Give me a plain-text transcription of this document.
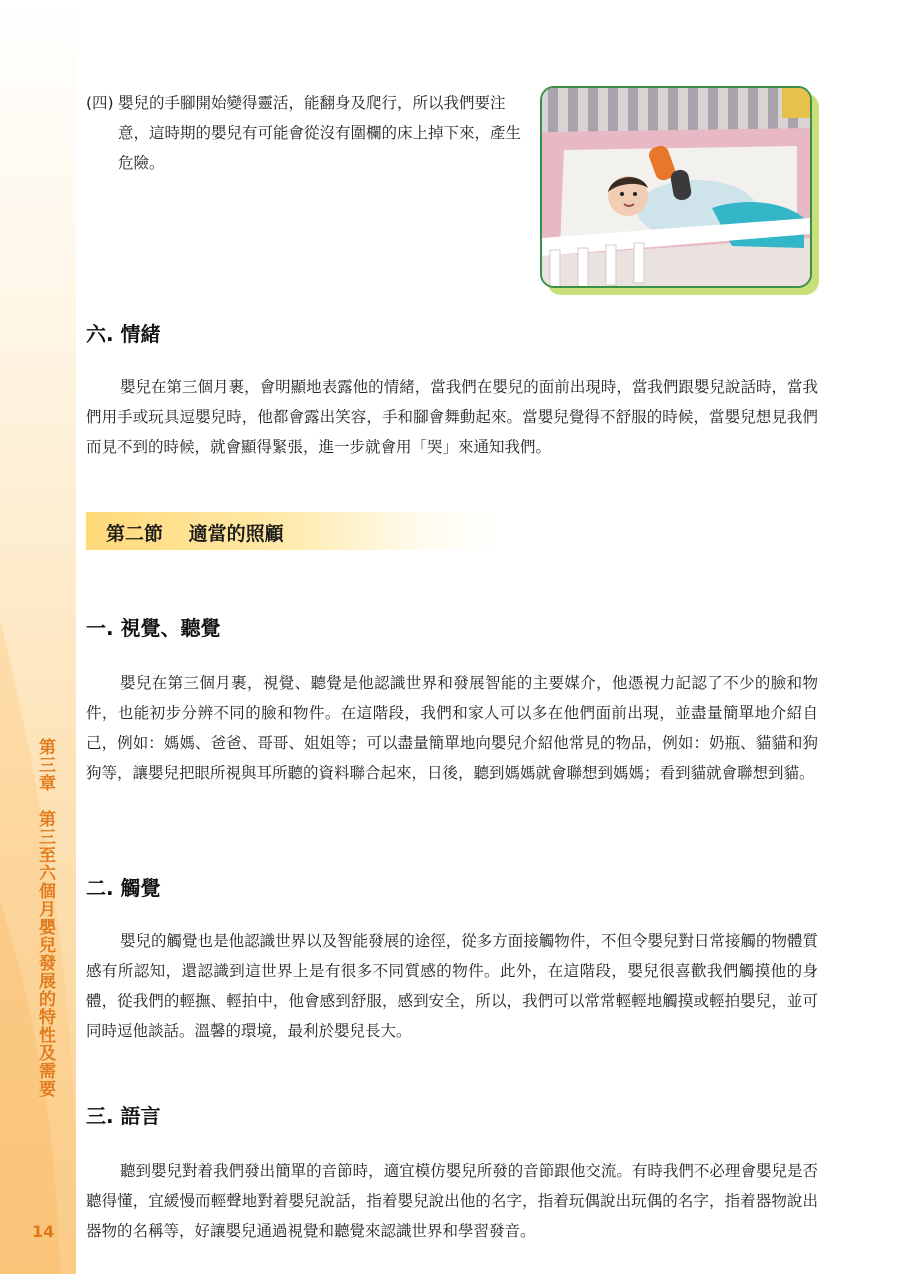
第三章　第三至六個月嬰兒發展的特性及需要
14
(四) 嬰兒的手腳開始變得靈活，能翻身及爬行，所以我們要注意，這時期的嬰兒有可能會從沒有圍欄的床上掉下來，產生危險。
六. 情緒
嬰兒在第三個月裹，會明顯地表露他的情緒，當我們在嬰兒的面前出現時，當我們跟嬰兒說話時，當我們用手或玩具逗嬰兒時，他都會露出笑容，手和腳會舞動起來。當嬰兒覺得不舒服的時候，當嬰兒想見我們而見不到的時候，就會顯得緊張，進一步就會用「哭」來通知我們。
第二節　 適當的照顧
一. 視覺、聽覺
嬰兒在第三個月裹，視覺、聽覺是他認識世界和發展智能的主要媒介，他憑視力記認了不少的臉和物件，也能初步分辨不同的臉和物件。在這階段，我們和家人可以多在他們面前出現，並盡量簡單地介紹自己，例如：媽媽、爸爸、哥哥、姐姐等；可以盡量簡單地向嬰兒介紹他常見的物品，例如：奶瓶、貓貓和狗狗等，讓嬰兒把眼所視與耳所聽的資料聯合起來，日後，聽到媽媽就會聯想到媽媽；看到貓就會聯想到貓。
二. 觸覺
嬰兒的觸覺也是他認識世界以及智能發展的途徑，從多方面接觸物件，不但令嬰兒對日常接觸的物體質感有所認知，還認識到這世界上是有很多不同質感的物件。此外，在這階段，嬰兒很喜歡我們觸摸他的身體，從我們的輕撫、輕拍中，他會感到舒服，感到安全，所以，我們可以常常輕輕地觸摸或輕拍嬰兒，並可同時逗他談話。溫馨的環境，最利於嬰兒長大。
三. 語言
聽到嬰兒對着我們發出簡單的音節時，適宜模仿嬰兒所發的音節跟他交流。有時我們不必理會嬰兒是否聽得懂，宜緩慢而輕聲地對着嬰兒說話，指着嬰兒說出他的名字，指着玩偶說出玩偶的名字，指着器物說出器物的名稱等，好讓嬰兒通過視覺和聽覺來認識世界和學習發音。
